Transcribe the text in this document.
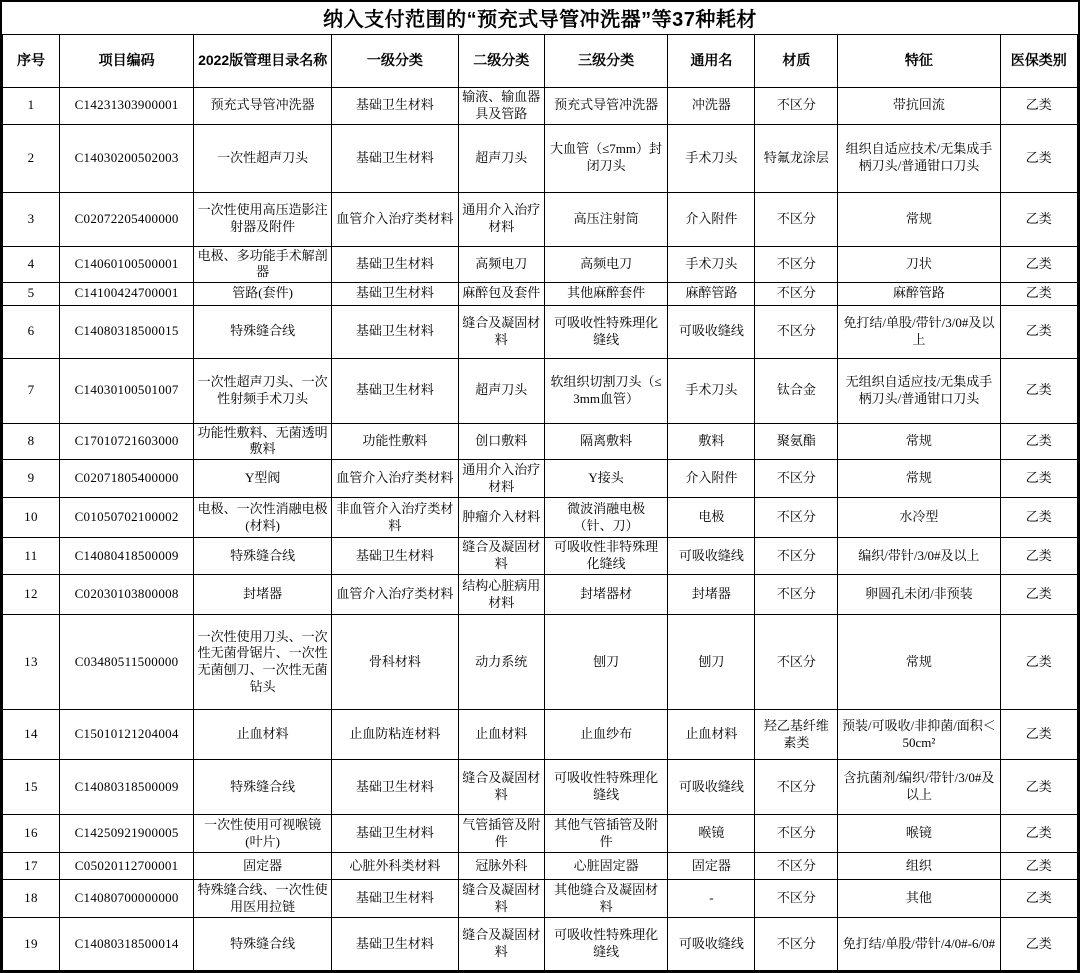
纳入支付范围的“预充式导管冲洗器”等37种耗材
序号	项目编码	2022版管理目录名称	一级分类	二级分类	三级分类	通用名	材质	特征	医保类别
1	C14231303900001	预充式导管冲洗器	基础卫生材料	输液、输血器具及管路	预充式导管冲洗器	冲洗器	不区分	带抗回流	乙类
2	C14030200502003	一次性超声刀头	基础卫生材料	超声刀头	大血管（≤7mm）封闭刀头	手术刀头	特氟龙涂层	组织自适应技术/无集成手柄刀头/普通钳口刀头	乙类
3	C02072205400000	一次性使用高压造影注射器及附件	血管介入治疗类材料	通用介入治疗材料	高压注射筒	介入附件	不区分	常规	乙类
4	C14060100500001	电极、多功能手术解剖器	基础卫生材料	高频电刀	高频电刀	手术刀头	不区分	刀状	乙类
5	C14100424700001	管路(套件)	基础卫生材料	麻醉包及套件	其他麻醉套件	麻醉管路	不区分	麻醉管路	乙类
6	C14080318500015	特殊缝合线	基础卫生材料	缝合及凝固材料	可吸收性特殊理化缝线	可吸收缝线	不区分	免打结/单股/带针/3/0#及以上	乙类
7	C14030100501007	一次性超声刀头、一次性射频手术刀头	基础卫生材料	超声刀头	软组织切割刀头（≤3mm血管）	手术刀头	钛合金	无组织自适应技/无集成手柄刀头/普通钳口刀头	乙类
8	C17010721603000	功能性敷料、无菌透明敷料	功能性敷料	创口敷料	隔离敷料	敷料	聚氨酯	常规	乙类
9	C02071805400000	Y型阀	血管介入治疗类材料	通用介入治疗材料	Y接头	介入附件	不区分	常规	乙类
10	C01050702100002	电极、一次性消融电极(材料)	非血管介入治疗类材料	肿瘤介入材料	微波消融电极（针、刀）	电极	不区分	水冷型	乙类
11	C14080418500009	特殊缝合线	基础卫生材料	缝合及凝固材料	可吸收性非特殊理化缝线	可吸收缝线	不区分	编织/带针/3/0#及以上	乙类
12	C02030103800008	封堵器	血管介入治疗类材料	结构心脏病用材料	封堵器材	封堵器	不区分	卵圆孔未闭/非预装	乙类
13	C03480511500000	一次性使用刀头、一次性无菌骨锯片、一次性无菌刨刀、一次性无菌钻头	骨科材料	动力系统	刨刀	刨刀	不区分	常规	乙类
14	C15010121204004	止血材料	止血防粘连材料	止血材料	止血纱布	止血材料	羟乙基纤维素类	预装/可吸收/非抑菌/面积＜50cm²	乙类
15	C14080318500009	特殊缝合线	基础卫生材料	缝合及凝固材料	可吸收性特殊理化缝线	可吸收缝线	不区分	含抗菌剂/编织/带针/3/0#及以上	乙类
16	C14250921900005	一次性使用可视喉镜(叶片)	基础卫生材料	气管插管及附件	其他气管插管及附件	喉镜	不区分	喉镜	乙类
17	C05020112700001	固定器	心脏外科类材料	冠脉外科	心脏固定器	固定器	不区分	组织	乙类
18	C14080700000000	特殊缝合线、一次性使用医用拉链	基础卫生材料	缝合及凝固材料	其他缝合及凝固材料	-	不区分	其他	乙类
19	C14080318500014	特殊缝合线	基础卫生材料	缝合及凝固材料	可吸收性特殊理化缝线	可吸收缝线	不区分	免打结/单股/带针/4/0#-6/0#	乙类
